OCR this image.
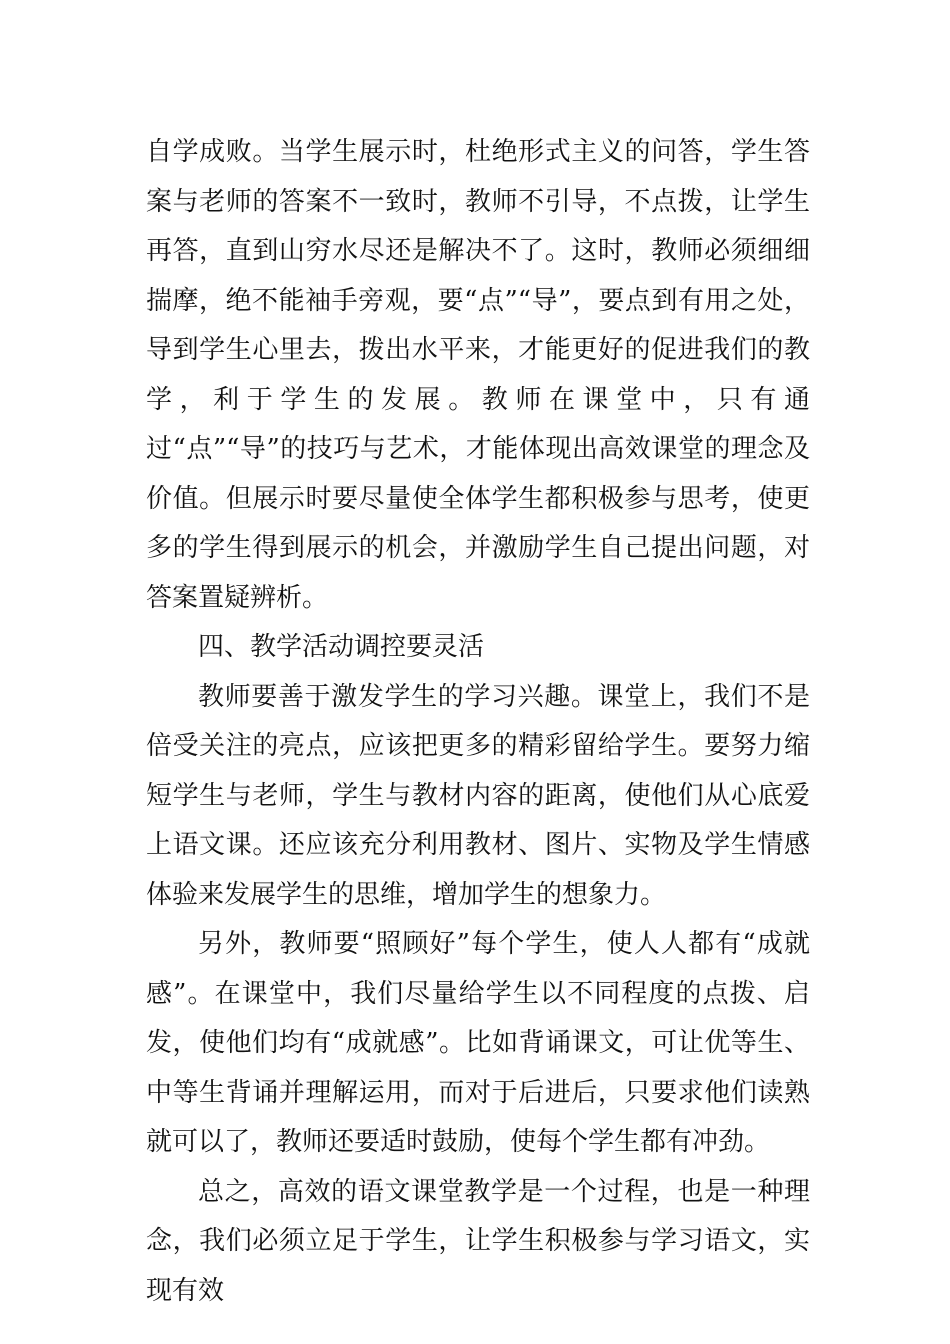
自学成败。当学生展示时，杜绝形式主义的问答，学生答案与老师的答案不一致时，教师不引导，不点拨，让学生再答，直到山穷水尽还是解决不了。这时，教师必须细细揣摩，绝不能袖手旁观，要“点”“导”，要点到有用之处，导到学生心里去，拨出水平来，才能更好的促进我们的教学，利于学生的发展。教师在课堂中，只有通过“点”“导”的技巧与艺术，才能体现出高效课堂的理念及价值。但展示时要尽量使全体学生都积极参与思考，使更多的学生得到展示的机会，并激励学生自己提出问题，对答案置疑辨析。

四、教学活动调控要灵活

教师要善于激发学生的学习兴趣。课堂上，我们不是倍受关注的亮点，应该把更多的精彩留给学生。要努力缩短学生与老师，学生与教材内容的距离，使他们从心底爱上语文课。还应该充分利用教材、图片、实物及学生情感体验来发展学生的思维，增加学生的想象力。

另外，教师要“照顾好”每个学生，使人人都有“成就感”。在课堂中，我们尽量给学生以不同程度的点拨、启发，使他们均有“成就感”。比如背诵课文，可让优等生、中等生背诵并理解运用，而对于后进后，只要求他们读熟就可以了，教师还要适时鼓励，使每个学生都有冲劲。

总之，高效的语文课堂教学是一个过程，也是一种理念，我们必须立足于学生，让学生积极参与学习语文，实现有效
